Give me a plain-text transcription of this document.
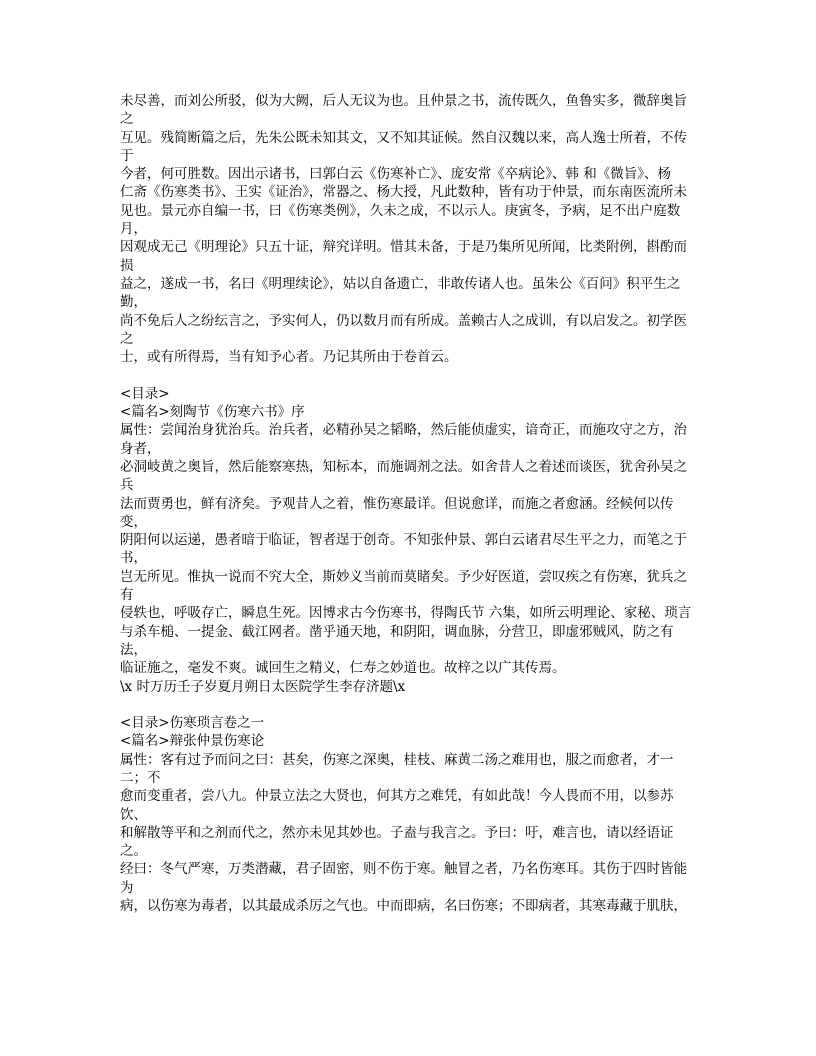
未尽善，而刘公所驳，似为大阙，后人无议为也。且仲景之书，流传既久，鱼鲁实多，微辞奥旨之

互见。残简断篇之后，先朱公既未知其文，又不知其证候。然自汉魏以来，高人逸士所着，不传于

今者，何可胜数。因出示诸书，曰郭白云《伤寒补亡》、庞安常《卒病论》、韩 和《微旨》、杨

仁斋《伤寒类书》、王实《证治》，常器之、杨大授，凡此数种，皆有功于仲景，而东南医流所未

见也。景元亦自编一书，曰《伤寒类例》，久未之成，不以示人。庚寅冬，予病，足不出户庭数月，

因观成无己《明理论》只五十证，辩究详明。惜其未备，于是乃集所见所闻，比类附例，斟酌而损

益之，遂成一书，名曰《明理续论》，姑以自备遗亡，非敢传诸人也。虽朱公《百问》积平生之勤，

尚不免后人之纷纭言之，予实何人，仍以数月而有所成。盖赖古人之成训，有以启发之。初学医之

士，或有所得焉，当有知予心者。乃记其所由于卷首云。

<目录>

<篇名>刻陶节《伤寒六书》序

属性：尝闻治身犹治兵。治兵者，必精孙吴之韬略，然后能侦虚实，谙奇正，而施攻守之方，治身者，

必洞岐黄之奥旨，然后能察寒热，知标本，而施调剂之法。如舍昔人之着述而谈医，犹舍孙吴之兵

法而贾勇也，鲜有济矣。予观昔人之着，惟伤寒最详。但说愈详，而施之者愈涵。经候何以传变，

阴阳何以运递，愚者暗于临证，智者逞于创奇。不知张仲景、郭白云诸君尽生平之力，而笔之于书，

岂无所见。惟执一说而不究大全，斯妙义当前而莫睹矣。予少好医道，尝叹疾之有伤寒，犹兵之有

侵轶也，呼吸存亡，瞬息生死。因博求古今伤寒书，得陶氏节 六集，如所云明理论、家秘、琐言

与杀车槌、一提金、截江网者。凿乎通天地，和阴阳，调血脉，分营卫，即虚邪贼风，防之有法，

临证施之，毫发不爽。诚回生之精义，仁寿之妙道也。故梓之以广其传焉。

\x 时万历壬子岁夏月朔日太医院学生李存济题\x

<目录>伤寒琐言卷之一

<篇名>辩张仲景伤寒论

属性：客有过予而问之曰：甚矣，伤寒之深奥，桂枝、麻黄二汤之难用也，服之而愈者，才一二；不

愈而变重者，尝八九。仲景立法之大贤也，何其方之难凭，有如此哉！今人畏而不用，以参苏饮、

和解散等平和之剂而代之，然亦未见其妙也。子盍与我言之。予曰：吁，难言也，请以经语证之。

经曰：冬气严寒，万类潜藏，君子固密，则不伤于寒。触冒之者，乃名伤寒耳。其伤于四时皆能为

病，以伤寒为毒者，以其最成杀厉之气也。中而即病，名曰伤寒；不即病者，其寒毒藏于肌肤，
